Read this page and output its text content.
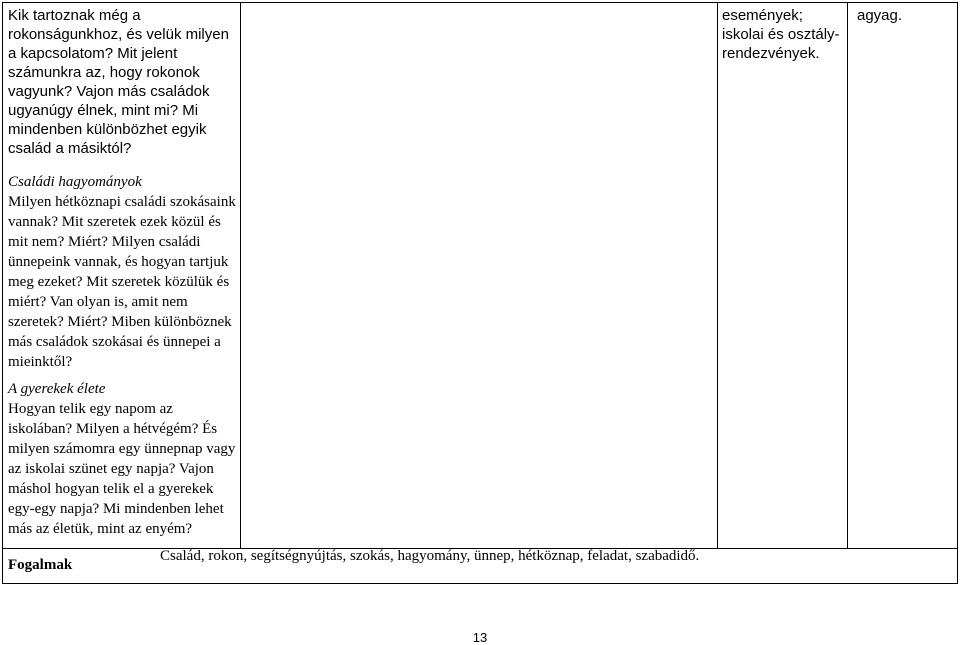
Kik tartoznak még a rokonságunkhoz, és velük milyen a kapcsolatom? Mit jelent számunkra az, hogy rokonok vagyunk? Vajon más családok ugyanúgy élnek, mint mi? Mi mindenben különbözhet egyik család a másiktól?

események; iskolai és osztály-rendezvények.

agyag.

Családi hagyományok

Milyen hétköznapi családi szokásaink vannak? Mit szeretek ezek közül és mit nem? Miért? Milyen családi ünnepeink vannak, és hogyan tartjuk meg ezeket? Mit szeretek közülük és miért? Van olyan is, amit nem szeretek? Miért? Miben különböznek más családok szokásai és ünnepei a mieinktől?

A gyerekek élete

Hogyan telik egy napom az iskolában? Milyen a hétvégém? És milyen számomra egy ünnepnap vagy az iskolai szünet egy napja? Vajon máshol hogyan telik el a gyerekek egy-egy napja? Mi mindenben lehet más az életük, mint az enyém?

Fogalmak
Család, rokon, segítségnyújtás, szokás, hagyomány, ünnep, hétköznap, feladat, szabadidő.
13
